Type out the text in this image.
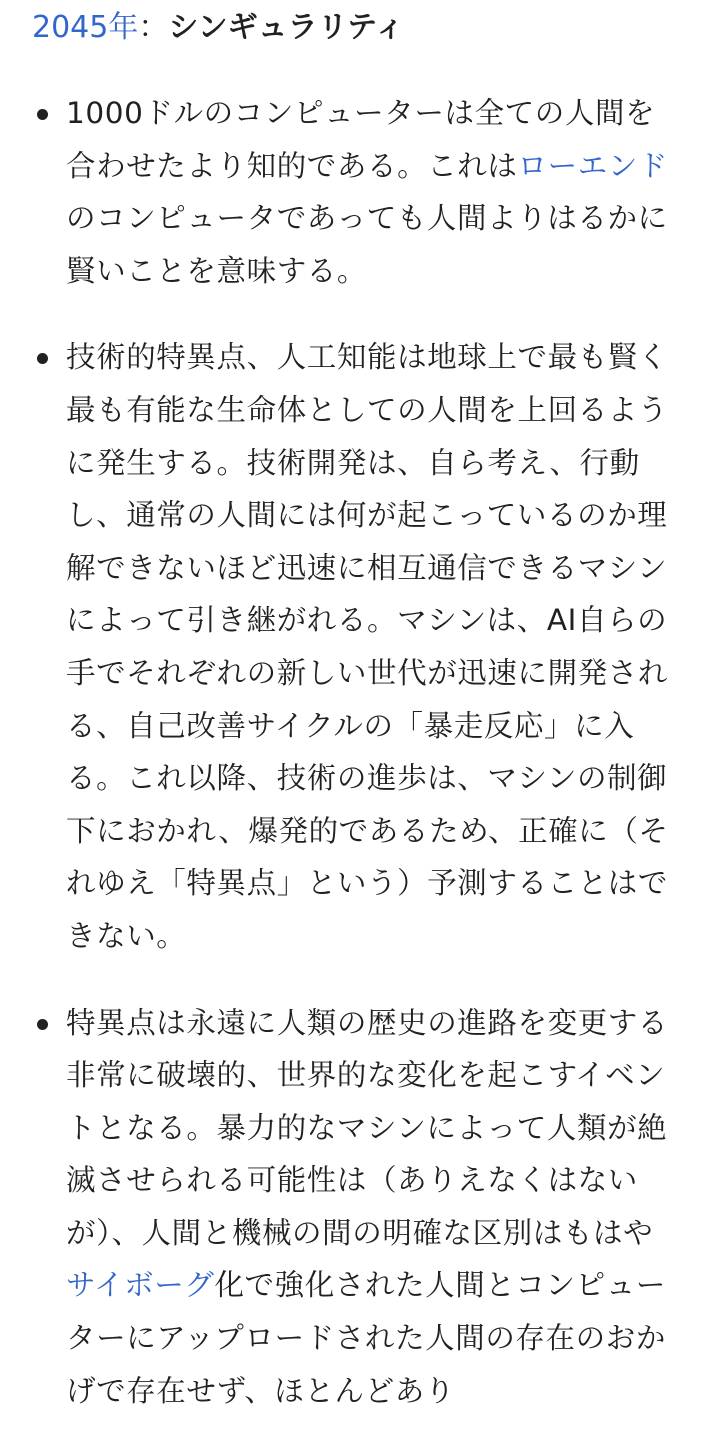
2045年：シンギュラリティ
1000ドルのコンピューターは全ての人間を合わせたより知的である。これはローエンドのコンピュータであっても人間よりはるかに賢いことを意味する。
技術的特異点、人工知能は地球上で最も賢く最も有能な生命体としての人間を上回るように発生する。技術開発は、自ら考え、行動し、通常の人間には何が起こっているのか理解できないほど迅速に相互通信できるマシンによって引き継がれる。マシンは、AI自らの手でそれぞれの新しい世代が迅速に開発される、自己改善サイクルの「暴走反応」に入る。これ以降、技術の進歩は、マシンの制御下におかれ、爆発的であるため、正確に（それゆえ「特異点」という）予測することはできない。
特異点は永遠に人類の歴史の進路を変更する非常に破壊的、世界的な変化を起こすイベントとなる。暴力的なマシンによって人類が絶滅させられる可能性は（ありえなくはないが）、人間と機械の間の明確な区別はもはやサイボーグ化で強化された人間とコンピューターにアップロードされた人間の存在のおかげで存在せず、ほとんどあり
